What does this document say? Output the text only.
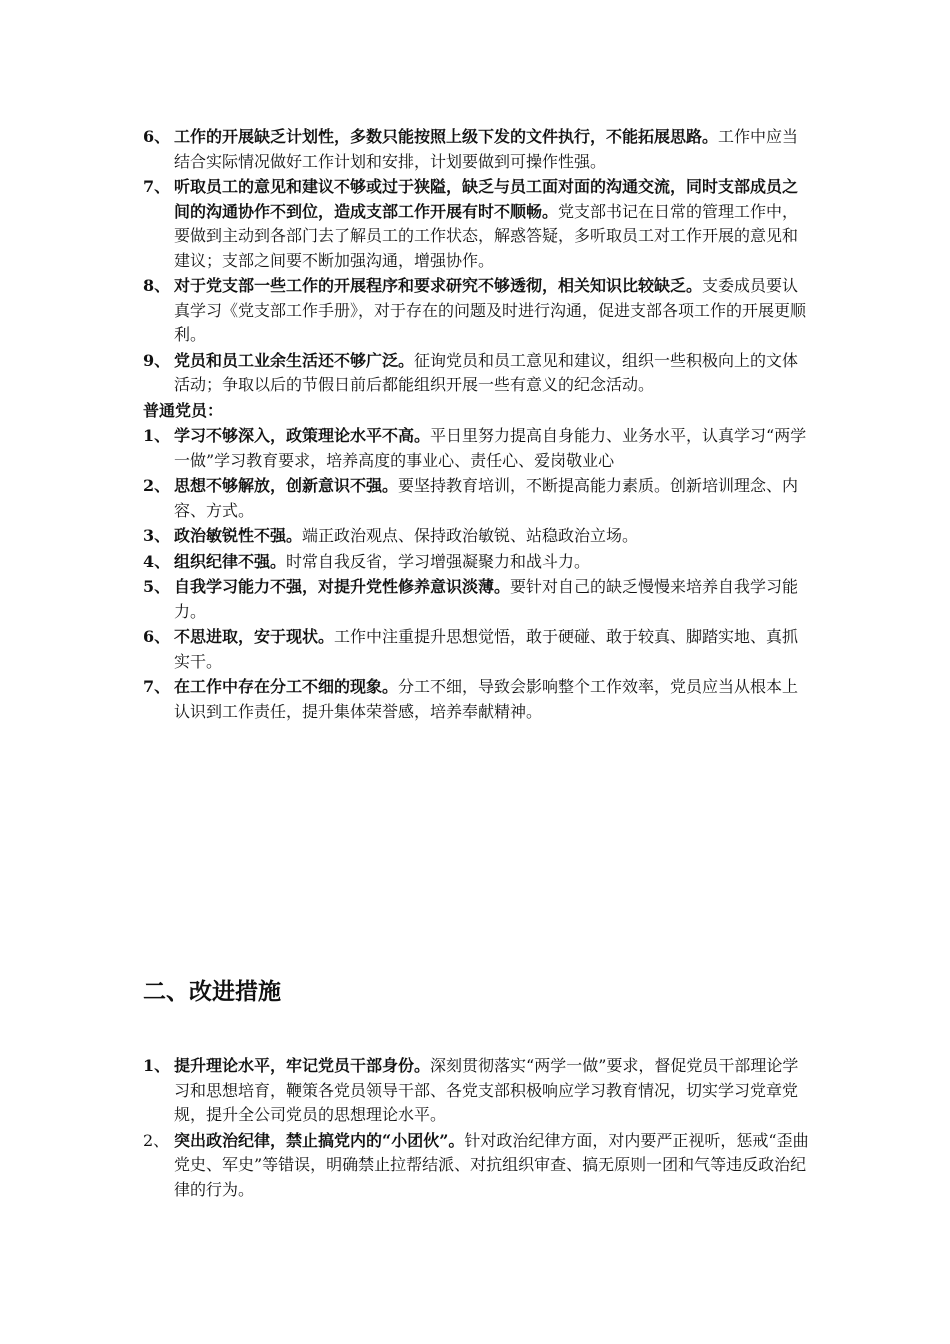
6、 工作的开展缺乏计划性，多数只能按照上级下发的文件执行，不能拓展思路。工作中应当结合实际情况做好工作计划和安排，计划要做到可操作性强。

7、 听取员工的意见和建议不够或过于狭隘，缺乏与员工面对面的沟通交流，同时支部成员之间的沟通协作不到位，造成支部工作开展有时不顺畅。党支部书记在日常的管理工作中，要做到主动到各部门去了解员工的工作状态，解惑答疑，多听取员工对工作开展的意见和建议；支部之间要不断加强沟通，增强协作。

8、 对于党支部一些工作的开展程序和要求研究不够透彻，相关知识比较缺乏。支委成员要认真学习《党支部工作手册》，对于存在的问题及时进行沟通，促进支部各项工作的开展更顺利。

9、 党员和员工业余生活还不够广泛。征询党员和员工意见和建议，组织一些积极向上的文体活动；争取以后的节假日前后都能组织开展一些有意义的纪念活动。

普通党员：

1、 学习不够深入，政策理论水平不高。平日里努力提高自身能力、业务水平，认真学习“两学一做”学习教育要求，培养高度的事业心、责任心、爱岗敬业心

2、 思想不够解放，创新意识不强。要坚持教育培训，不断提高能力素质。创新培训理念、内容、方式。

3、 政治敏锐性不强。端正政治观点、保持政治敏锐、站稳政治立场。

4、 组织纪律不强。时常自我反省，学习增强凝聚力和战斗力。

5、 自我学习能力不强，对提升党性修养意识淡薄。要针对自己的缺乏慢慢来培养自我学习能力。

6、 不思进取，安于现状。工作中注重提升思想觉悟，敢于硬碰、敢于较真、脚踏实地、真抓实干。

7、 在工作中存在分工不细的现象。分工不细，导致会影响整个工作效率，党员应当从根本上认识到工作责任，提升集体荣誉感，培养奉献精神。

二、改进措施

1、 提升理论水平，牢记党员干部身份。深刻贯彻落实“两学一做”要求，督促党员干部理论学习和思想培育，鞭策各党员领导干部、各党支部积极响应学习教育情况，切实学习党章党规，提升全公司党员的思想理论水平。

2、 突出政治纪律，禁止搞党内的“小团伙”。针对政治纪律方面，对内要严正视听，惩戒“歪曲党史、军史”等错误，明确禁止拉帮结派、对抗组织审查、搞无原则一团和气等违反政治纪律的行为。
